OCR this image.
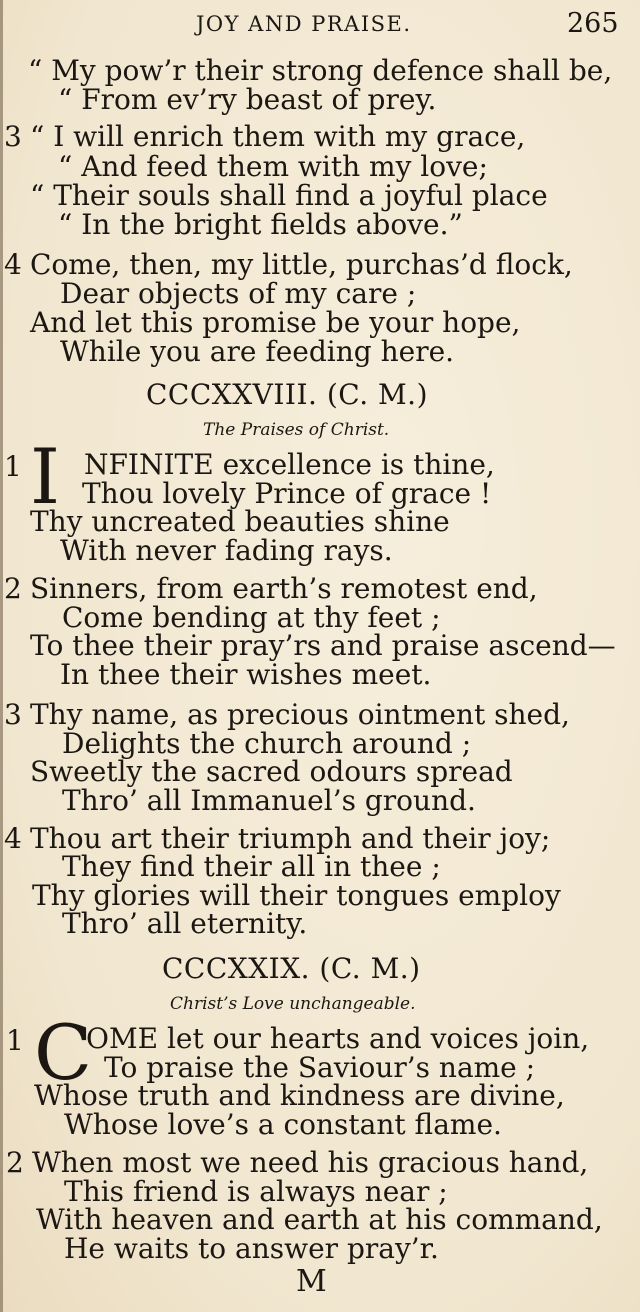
JOY AND PRAISE.	265
“ My pow’r their strong defence shall be,
“ From ev’ry beast of prey.
3 “ I will enrich them with my grace,
“ And feed them with my love;
“ Their souls shall find a joyful place
“ In the bright fields above.”
4 Come, then, my little, purchas’d flock,
Dear objects of my care ;
And let this promise be your hope,
While you are feeding here.
CCCXXVIII. (C. M.)
The Praises of Christ.
1 I NFINITE excellence is thine,
Thou lovely Prince of grace !
Thy uncreated beauties shine
With never fading rays.
2 Sinners, from earth’s remotest end,
Come bending at thy feet ;
To thee their pray’rs and praise ascend—
In thee their wishes meet.
3 Thy name, as precious ointment shed,
Delights the church around ;
Sweetly the sacred odours spread
Thro’ all Immanuel’s ground.
4 Thou art their triumph and their joy;
They find their all in thee ;
Thy glories will their tongues employ
Thro’ all eternity.
CCCXXIX. (C. M.)
Christ’s Love unchangeable.
1 C
OME let our hearts and voices join,
To praise the Saviour’s name ;
Whose truth and kindness are divine,
Whose love’s a constant flame.
2 When most we need his gracious hand,
This friend is always near ;
With heaven and earth at his command,
He waits to answer pray’r.
M
